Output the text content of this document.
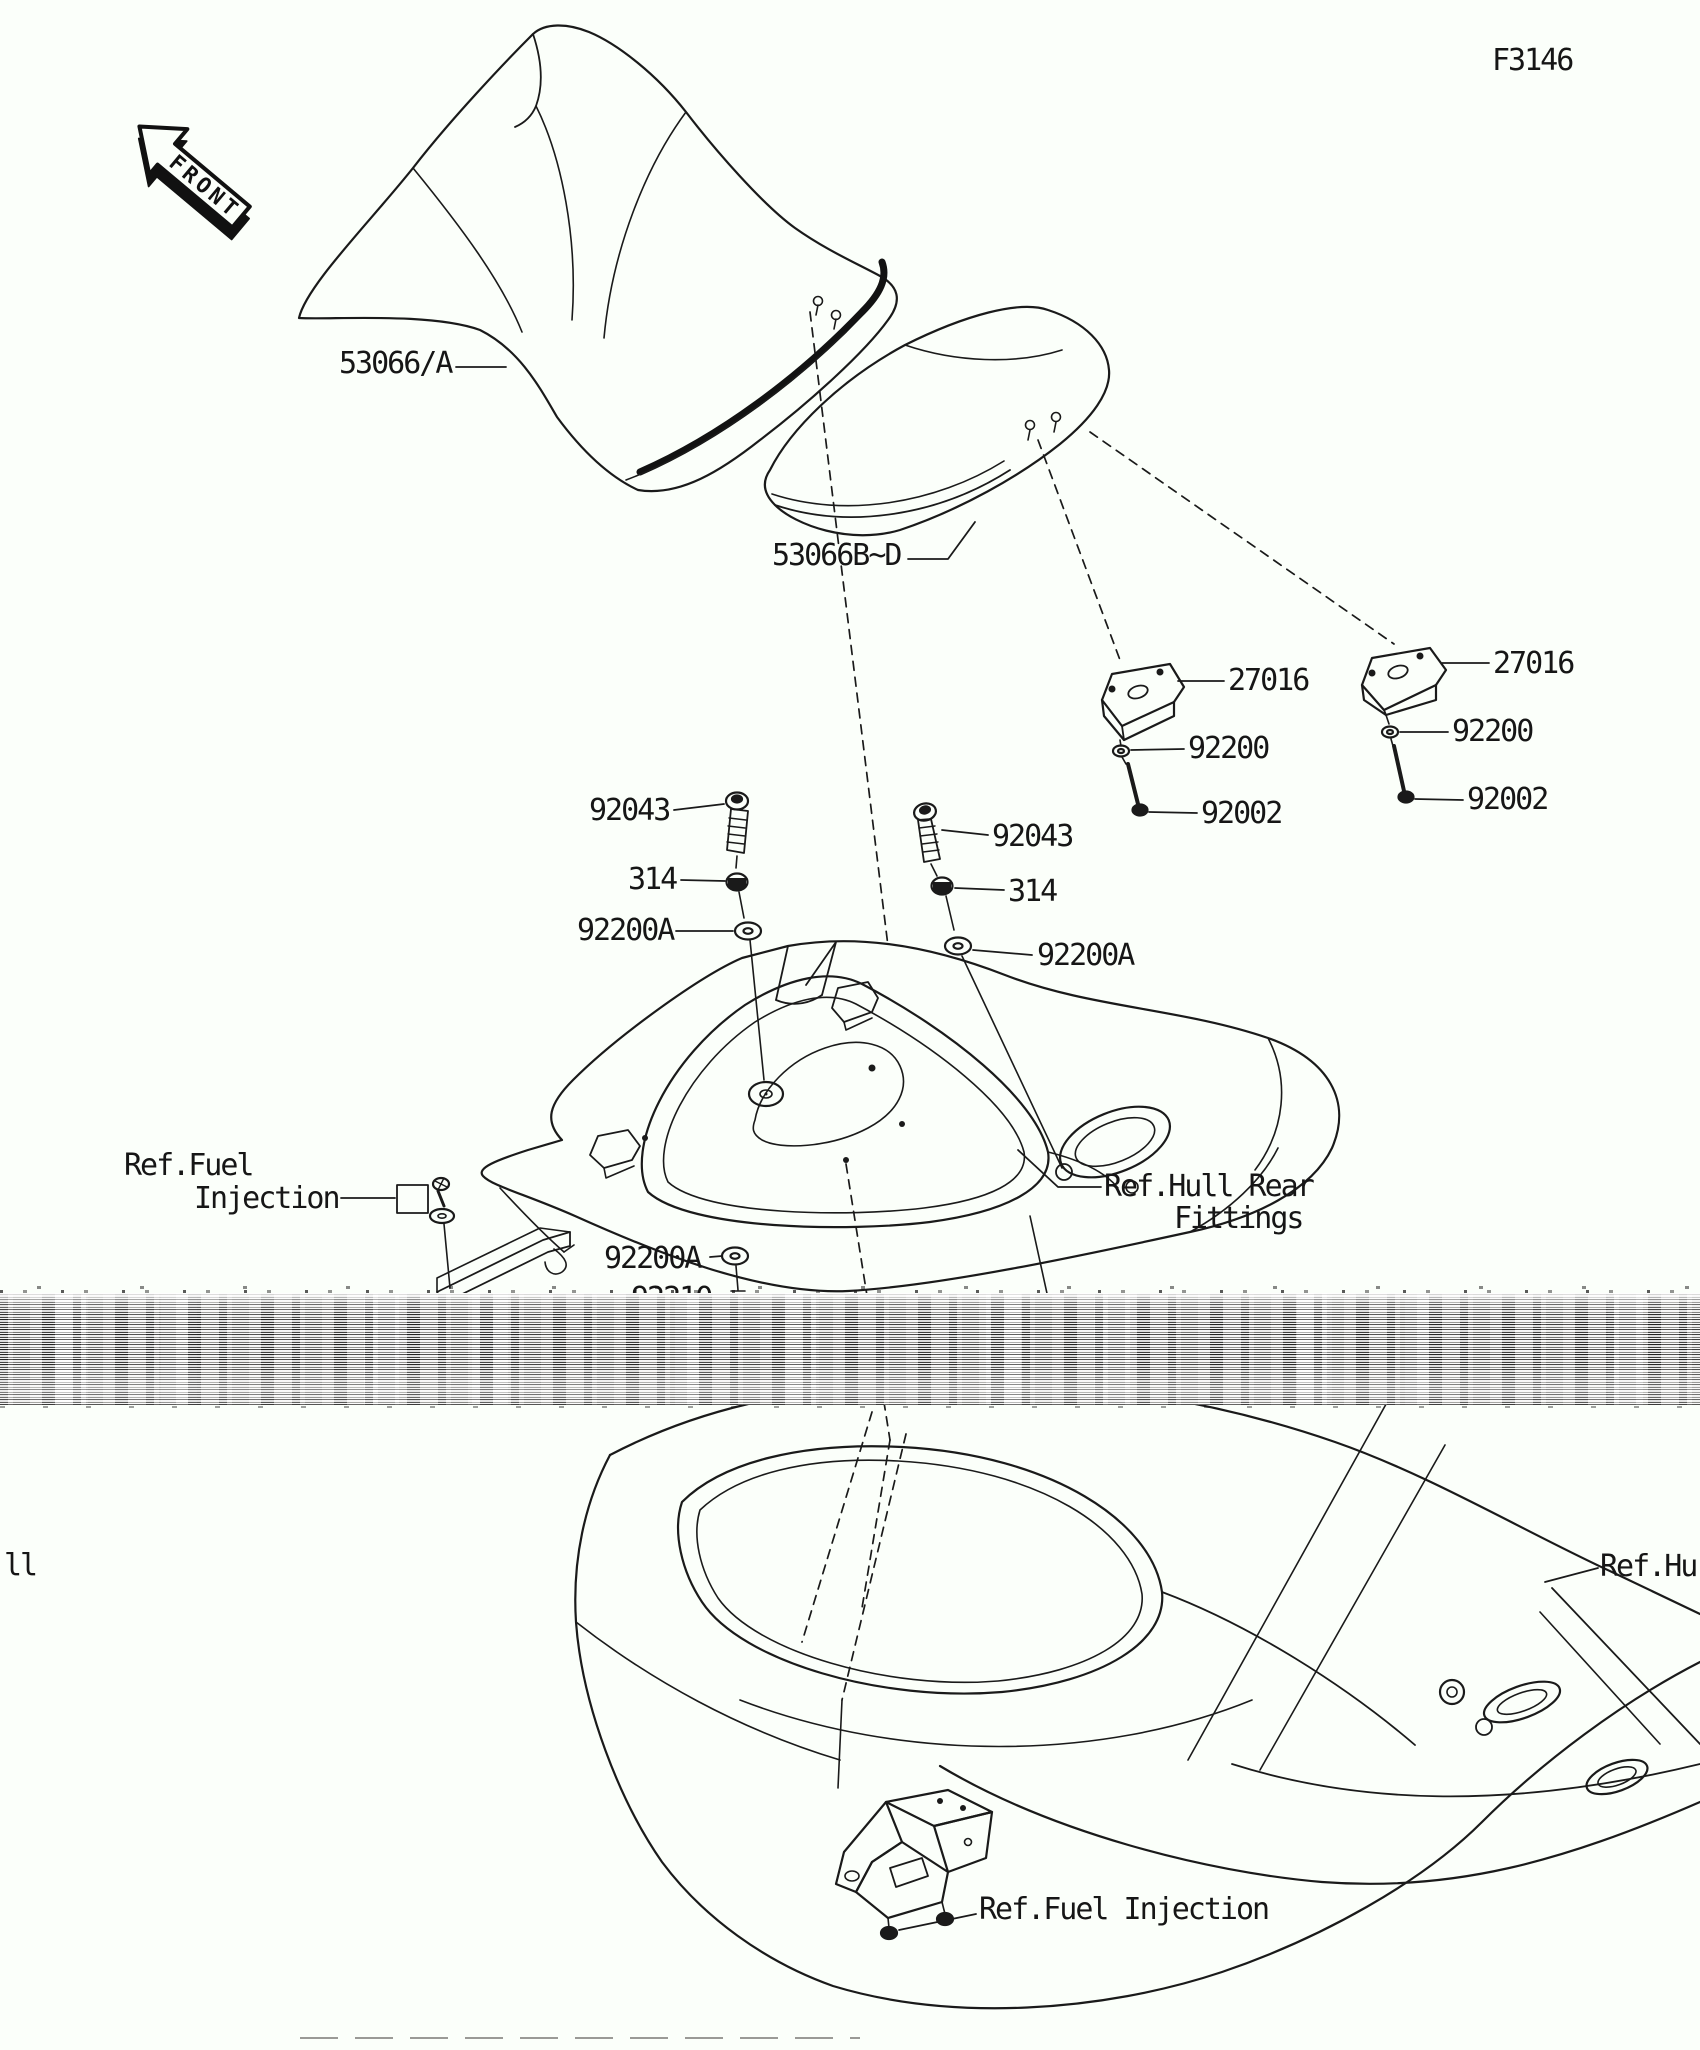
FRONT
F3146
53066/A
53066B~D
27016	27016
92200	92200
92002	92002
92043
92043
314	314
92200A
92200A
92200A
Ref.Fuel
Injection	Ref.Hull Rear
Fittings
ll	Ref.Hu
Ref.Fuel Injection
